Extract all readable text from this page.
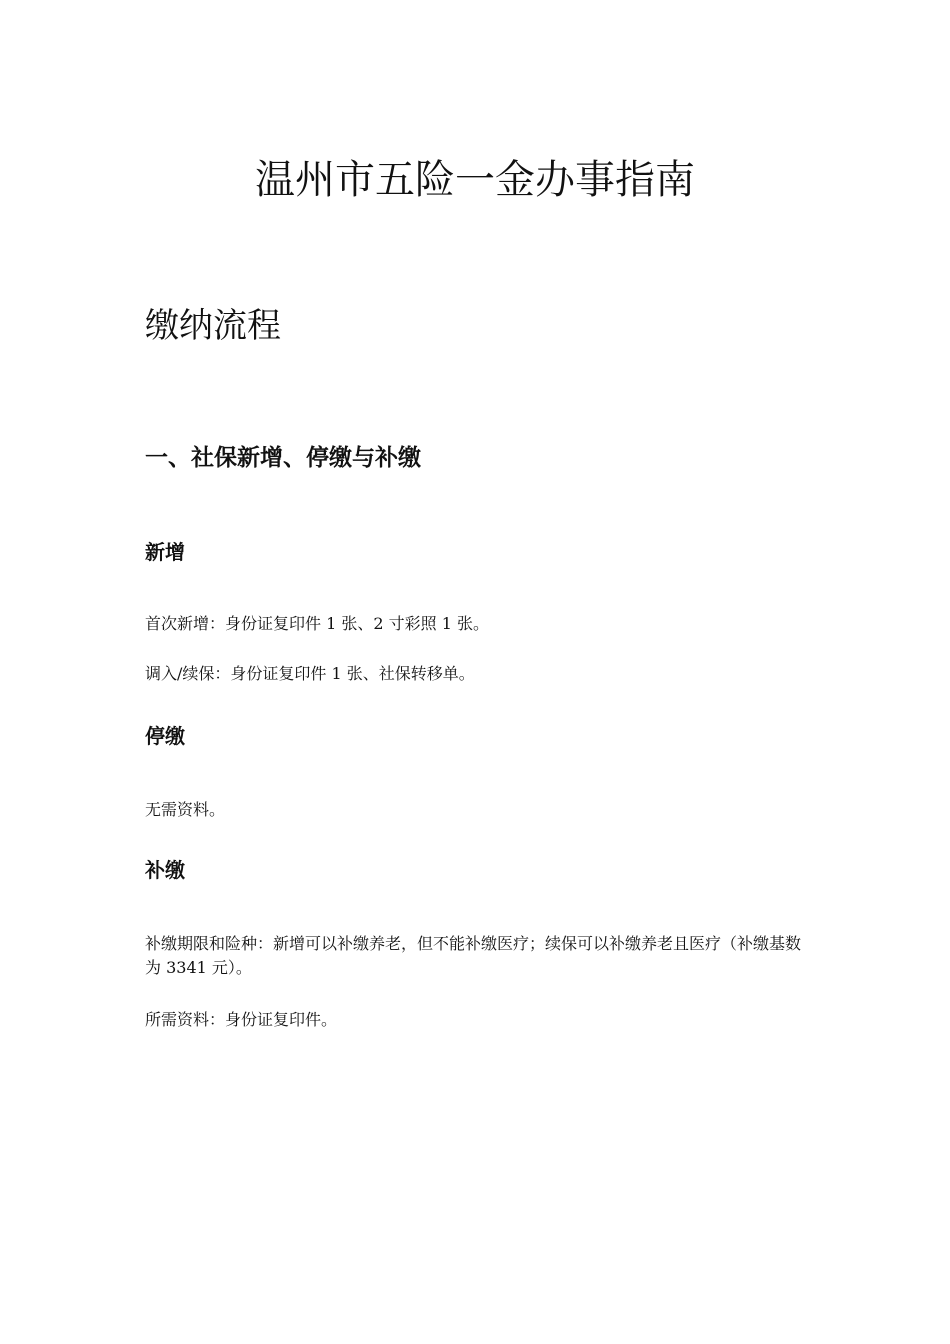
温州市五险一金办事指南
缴纳流程
一、社保新增、停缴与补缴
新增

首次新增：身份证复印件 1 张、2 寸彩照 1 张。

调入/续保：身份证复印件 1 张、社保转移单。

停缴

无需资料。

补缴

补缴期限和险种：新增可以补缴养老，但不能补缴医疗；续保可以补缴养老且医疗（补缴基数为 3341 元）。

所需资料：身份证复印件。
